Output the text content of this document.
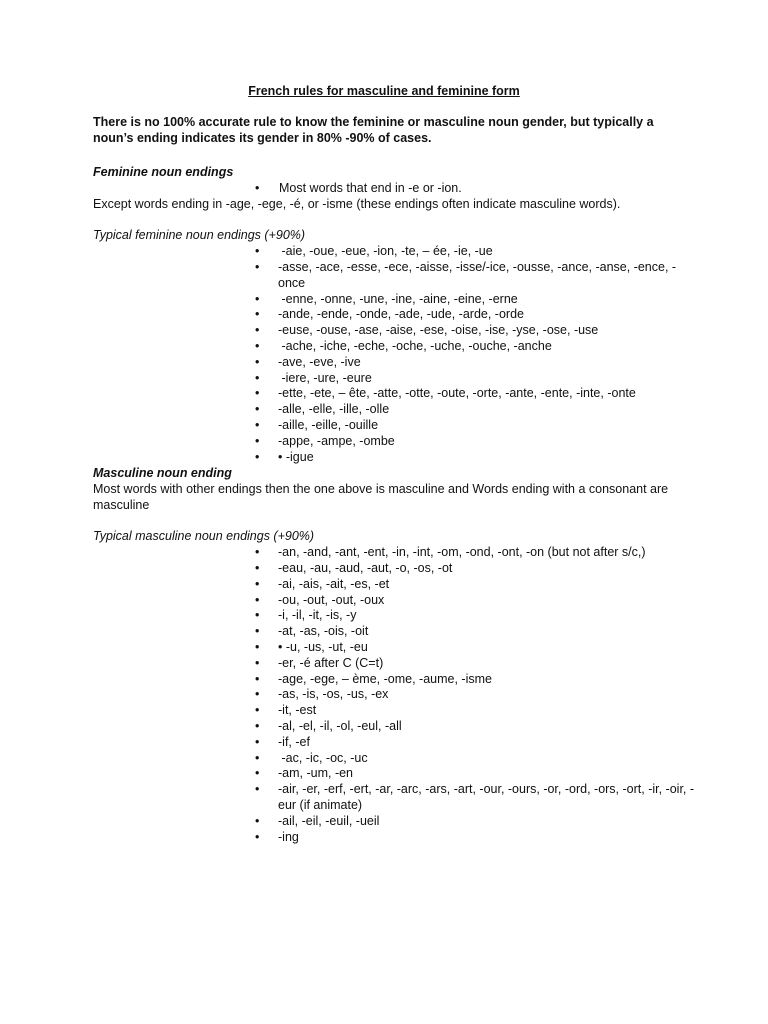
French rules for masculine and feminine form
There is no 100% accurate rule to know the feminine or masculine noun gender, but typically a noun’s ending indicates its gender in 80% -90% of cases.
Feminine noun endings
• Most words that end in -e or -ion.
Except words ending in -age, -ege, -é, or -isme (these endings often indicate masculine words).
Typical feminine noun endings (+90%)
• -aie, -oue, -eue, -ion, -te, – ée, -ie, -ue
• -asse, -ace, -esse, -ece, -aisse, -isse/-ice, -ousse, -ance, -anse, -ence, -once
• -enne, -onne, -une, -ine, -aine, -eine, -erne
• -ande, -ende, -onde, -ade, -ude, -arde, -orde
• -euse, -ouse, -ase, -aise, -ese, -oise, -ise, -yse, -ose, -use
• -ache, -iche, -eche, -oche, -uche, -ouche, -anche
• -ave, -eve, -ive
• -iere, -ure, -eure
• -ette, -ete, – ête, -atte, -otte, -oute, -orte, -ante, -ente, -inte, -onte
• -alle, -elle, -ille, -olle
• -aille, -eille, -ouille
• -appe, -ampe, -ombe
• • -igue
Masculine noun ending
Most words with other endings then the one above is masculine and Words ending with a consonant are masculine
Typical masculine noun endings (+90%)
• -an, -and, -ant, -ent, -in, -int, -om, -ond, -ont, -on (but not after s/c,)
• -eau, -au, -aud, -aut, -o, -os, -ot
• -ai, -ais, -ait, -es, -et
• -ou, -out, -out, -oux
• -i, -il, -it, -is, -y
• -at, -as, -ois, -oit
• • -u, -us, -ut, -eu
• -er, -é after C (C=t)
• -age, -ege, – ème, -ome, -aume, -isme
• -as, -is, -os, -us, -ex
• -it, -est
• -al, -el, -il, -ol, -eul, -all
• -if, -ef
• -ac, -ic, -oc, -uc
• -am, -um, -en
• -air, -er, -erf, -ert, -ar, -arc, -ars, -art, -our, -ours, -or, -ord, -ors, -ort, -ir, -oir, -eur (if animate)
• -ail, -eil, -euil, -ueil
• -ing
